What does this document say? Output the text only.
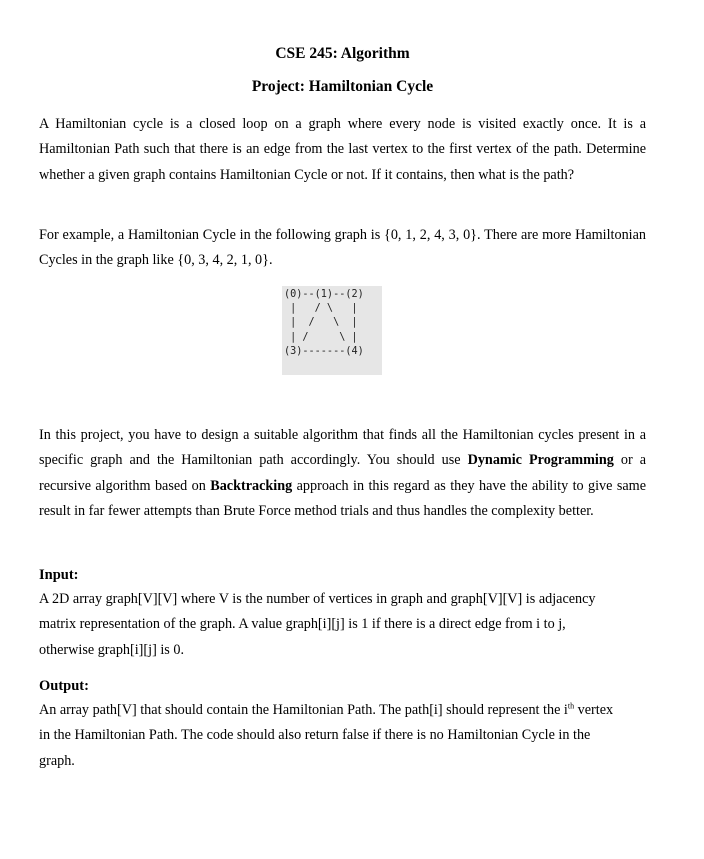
CSE 245: Algorithm

Project: Hamiltonian Cycle

A Hamiltonian cycle is a closed loop on a graph where every node is visited exactly once. It is a Hamiltonian Path such that there is an edge from the last vertex to the first vertex of the path. Determine whether a given graph contains Hamiltonian Cycle or not. If it contains, then what is the path?

For example, a Hamiltonian Cycle in the following graph is {0, 1, 2, 4, 3, 0}. There are more Hamiltonian Cycles in the graph like {0, 3, 4, 2, 1, 0}.

(0)--(1)--(2)
|   / \   |
|  /   \  |
| /     \ |
(3)-------(4)

In this project, you have to design a suitable algorithm that finds all the Hamiltonian cycles present in a specific graph and the Hamiltonian path accordingly. You should use Dynamic Programming or a recursive algorithm based on Backtracking approach in this regard as they have the ability to give same result in far fewer attempts than Brute Force method trials and thus handles the complexity better.

Input:

A 2D array graph[V][V] where V is the number of vertices in graph and graph[V][V] is adjacency
matrix representation of the graph. A value graph[i][j] is 1 if there is a direct edge from i to j,
otherwise graph[i][j] is 0.

Output:

An array path[V] that should contain the Hamiltonian Path. The path[i] should represent the $i^{th}$ vertex
in the Hamiltonian Path. The code should also return false if there is no Hamiltonian Cycle in the
graph.
